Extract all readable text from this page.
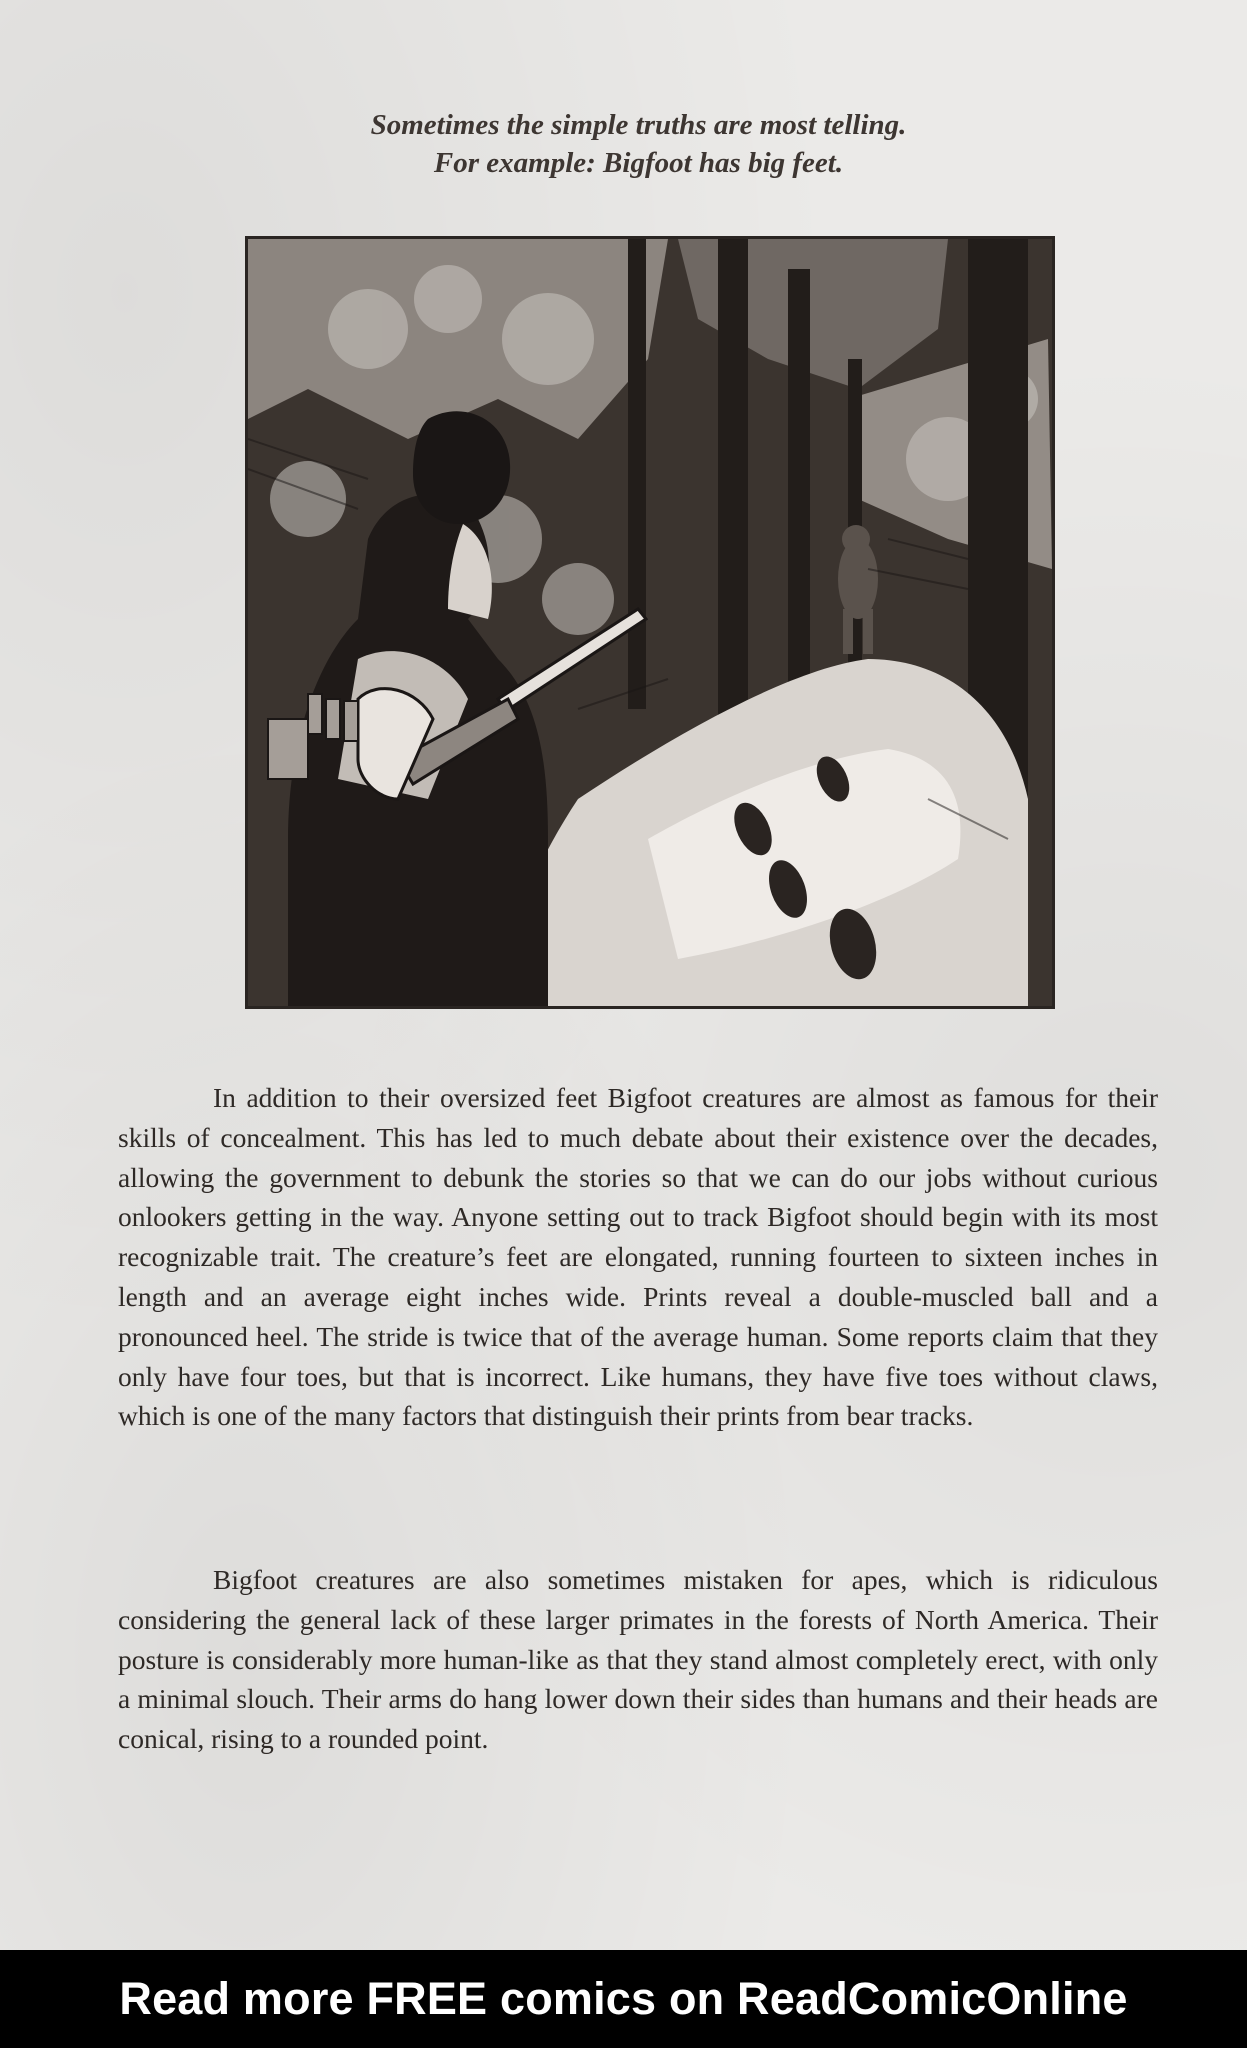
Sometimes the simple truths are most telling.
For example: Bigfoot has big feet.

In addition to their oversized feet Bigfoot creatures are almost as famous for their skills of concealment. This has led to much debate about their existence over the decades, allowing the government to debunk the stories so that we can do our jobs without curious onlookers getting in the way. Anyone setting out to track Bigfoot should begin with its most recognizable trait. The creature’s feet are elongated, running fourteen to sixteen inches in length and an average eight inches wide. Prints reveal a double-muscled ball and a pronounced heel. The stride is twice that of the average human. Some reports claim that they only have four toes, but that is incorrect. Like humans, they have five toes without claws, which is one of the many factors that distinguish their prints from bear tracks.

Bigfoot creatures are also sometimes mistaken for apes, which is ridiculous considering the general lack of these larger primates in the forests of North America. Their posture is considerably more human-like as that they stand almost completely erect, with only a minimal slouch. Their arms do hang lower down their sides than humans and their heads are conical, rising to a rounded point.

Read more FREE comics on ReadComicOnline
